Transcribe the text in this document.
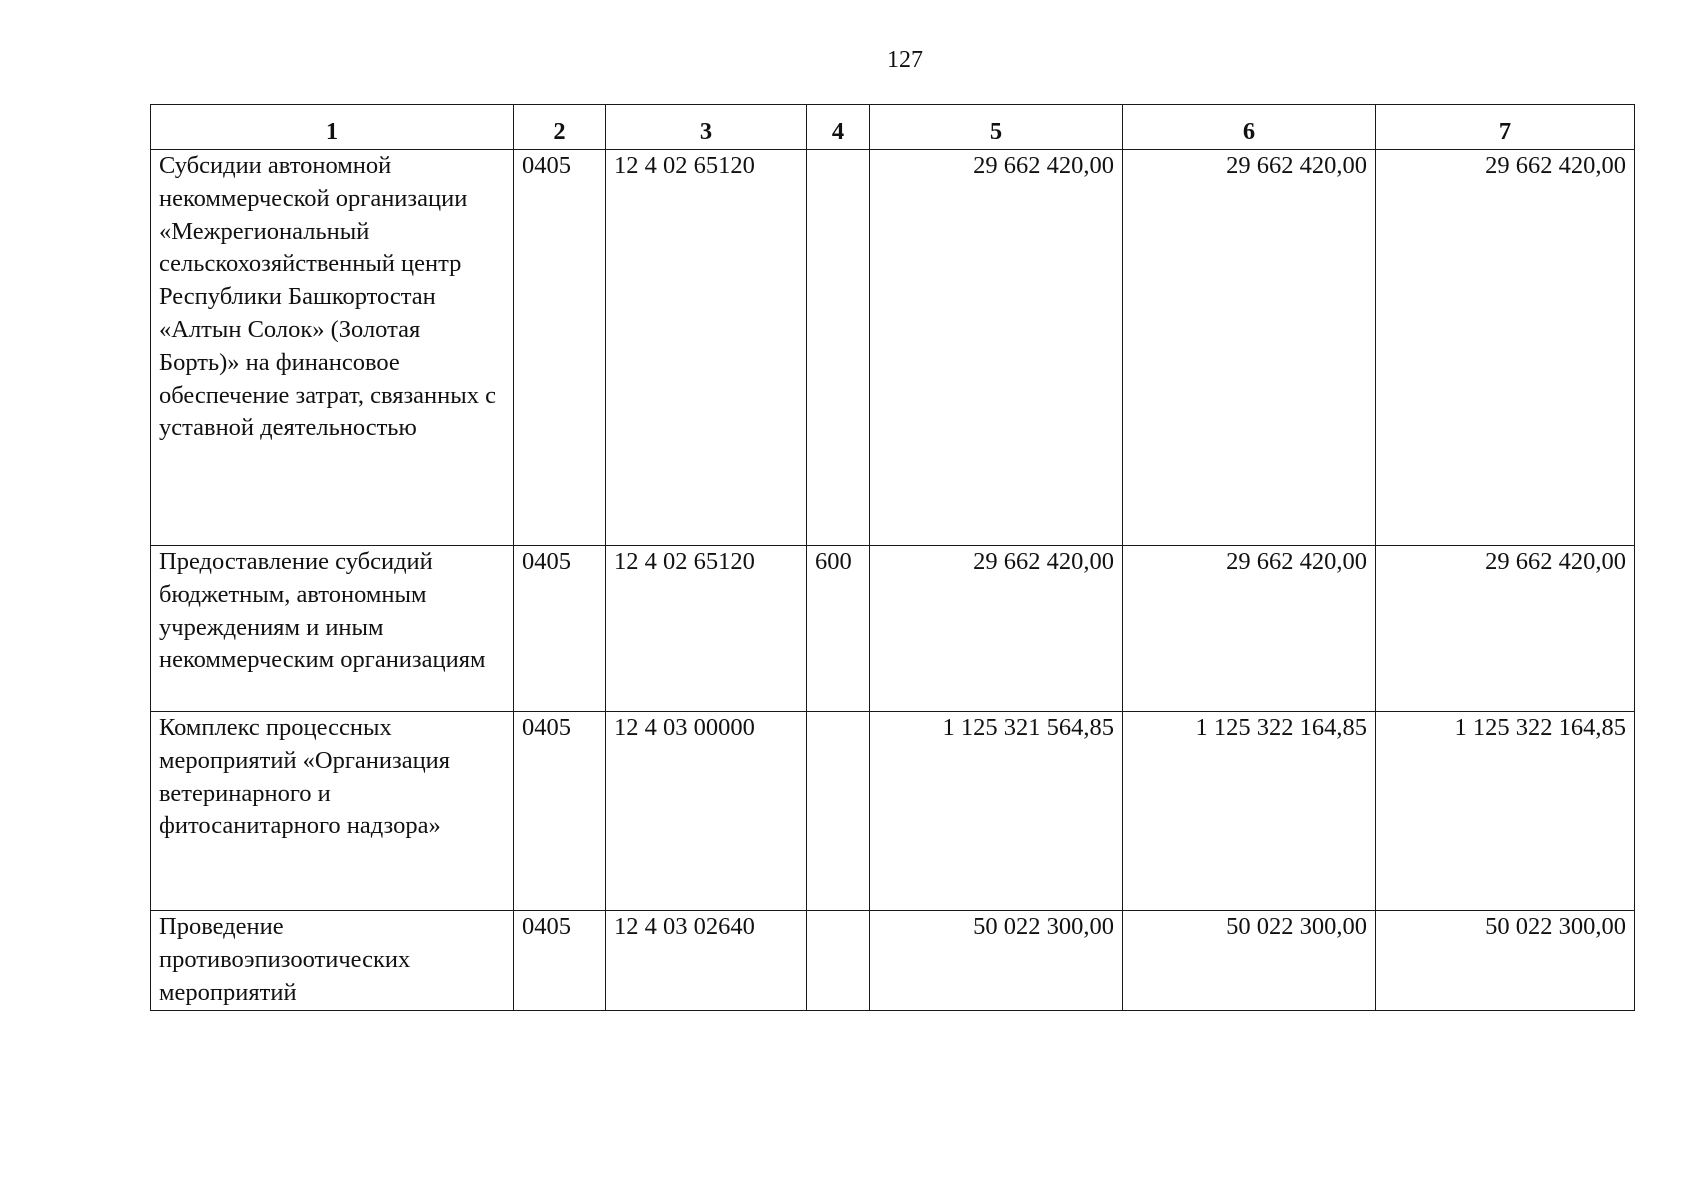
127
1	2	3	4	5	6	7
Субсидии автономной некоммерческой организации «Межрегиональный сельскохозяйственный центр Республики Башкортостан «Алтын Солок» (Золотая Борть)» на финансовое обеспечение затрат, связанных с уставной деятельностью	0405	12 4 02 65120		29 662 420,00	29 662 420,00	29 662 420,00
Предоставление субсидий бюджетным, автономным учреждениям и иным некоммерческим организациям	0405	12 4 02 65120	600	29 662 420,00	29 662 420,00	29 662 420,00
Комплекс процессных мероприятий «Организация ветеринарного и фитосанитарного надзора»	0405	12 4 03 00000		1 125 321 564,85	1 125 322 164,85	1 125 322 164,85
Проведение противоэпизоотических мероприятий	0405	12 4 03 02640		50 022 300,00	50 022 300,00	50 022 300,00
